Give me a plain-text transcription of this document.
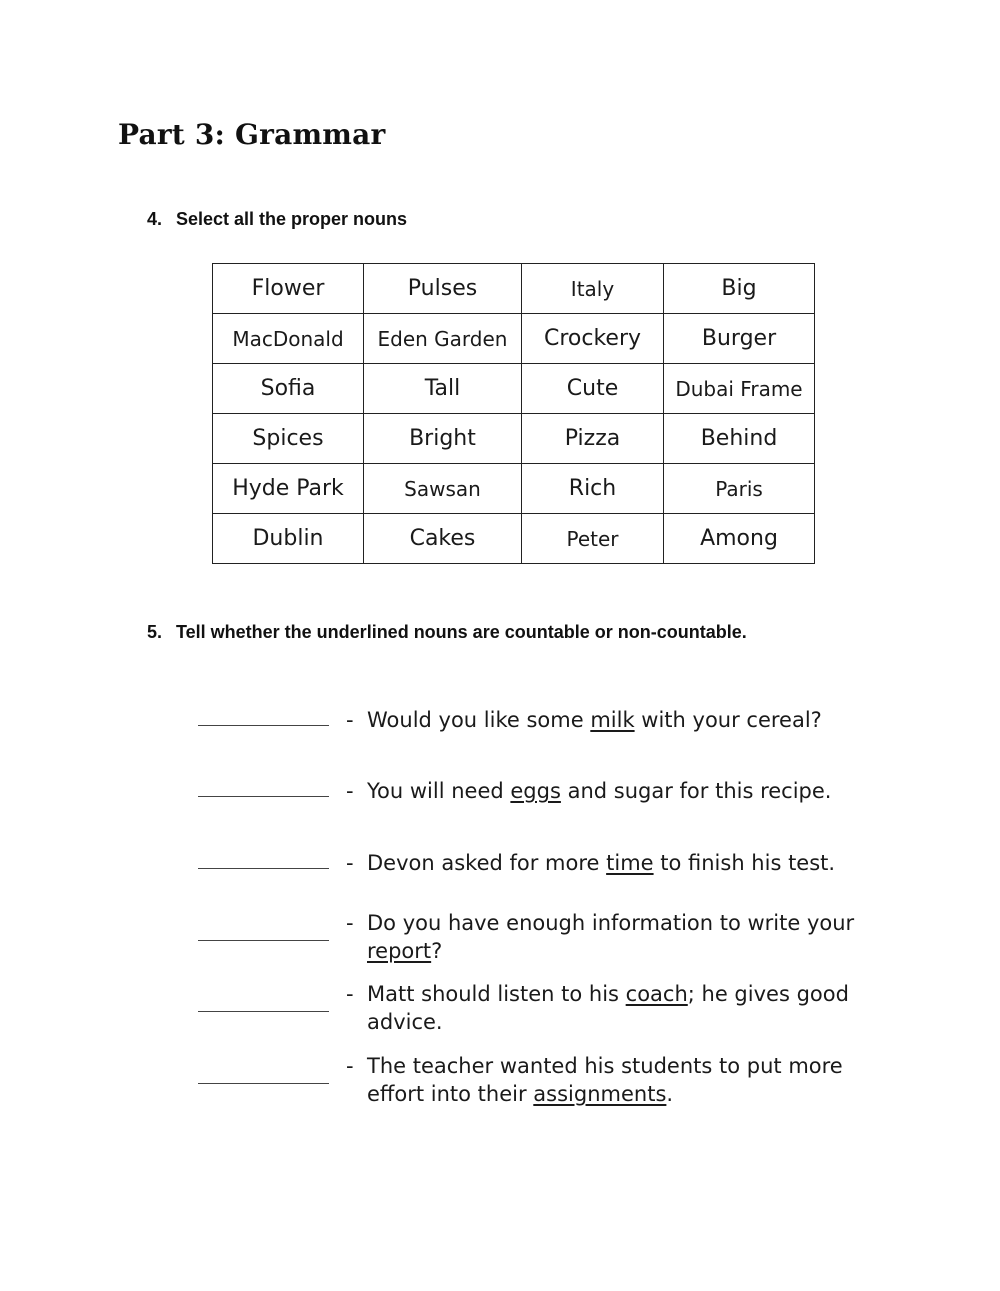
Part 3: Grammar
4. Select all the proper nouns
Flower	Pulses	Italy	Big
MacDonald	Eden Garden	Crockery	Burger
Sofia	Tall	Cute	Dubai Frame
Spices	Bright	Pizza	Behind
Hyde Park	Sawsan	Rich	Paris
Dublin	Cakes	Peter	Among
5. Tell whether the underlined nouns are countable or non-countable.
- Would you like some milk with your cereal?
- You will need eggs and sugar for this recipe.
- Devon asked for more time to finish his test.
- Do you have enough information to write your report?
- Matt should listen to his coach; he gives good advice.
- The teacher wanted his students to put more effort into their assignments.
